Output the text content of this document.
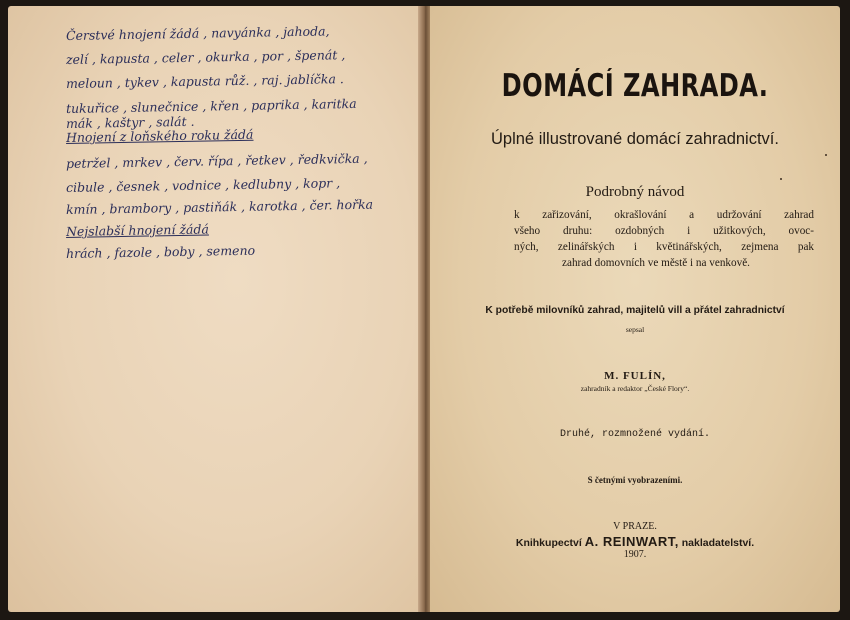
Čerstvé hnojení žádá , navyánka , jahoda,
zelí , kapusta , celer , okurka , por , špenát ,
meloun , tykev , kapusta růž. , raj. jablíčka .
tukuřice , slunečnice , křen , paprika , karitka
mák , kaštyr , salát .
Hnojení z loňského roku žádá
petržel , mrkev , červ. řípa , řetkev , ředkvička ,
cibule , česnek , vodnice , kedlubny , kopr ,
kmín , brambory , pastiňák , karotka , čer. hořka
Nejslabší hnojení žádá
hrách , fazole , boby , semeno
DOMÁCÍ ZAHRADA.
Úplné illustrované domácí zahradnictví.
Podrobný návod
k zařizování, okrašlování a udržování zahrad
všeho druhu: ozdobných i užitkových, ovoc-
ných, zelinářských i květinářských, zejmena pak
zahrad domovních ve městě i na venkově.
K potřebě milovníků zahrad, majitelů vill a přátel zahradnictví
sepsal
M. FULÍN,
zahradník a redaktor „České Flory“.
Druhé, rozmnožené vydání.
S četnými vyobrazeními.
V PRAZE.
Knihkupectví A. REINWART, nakladatelství.
1907.
